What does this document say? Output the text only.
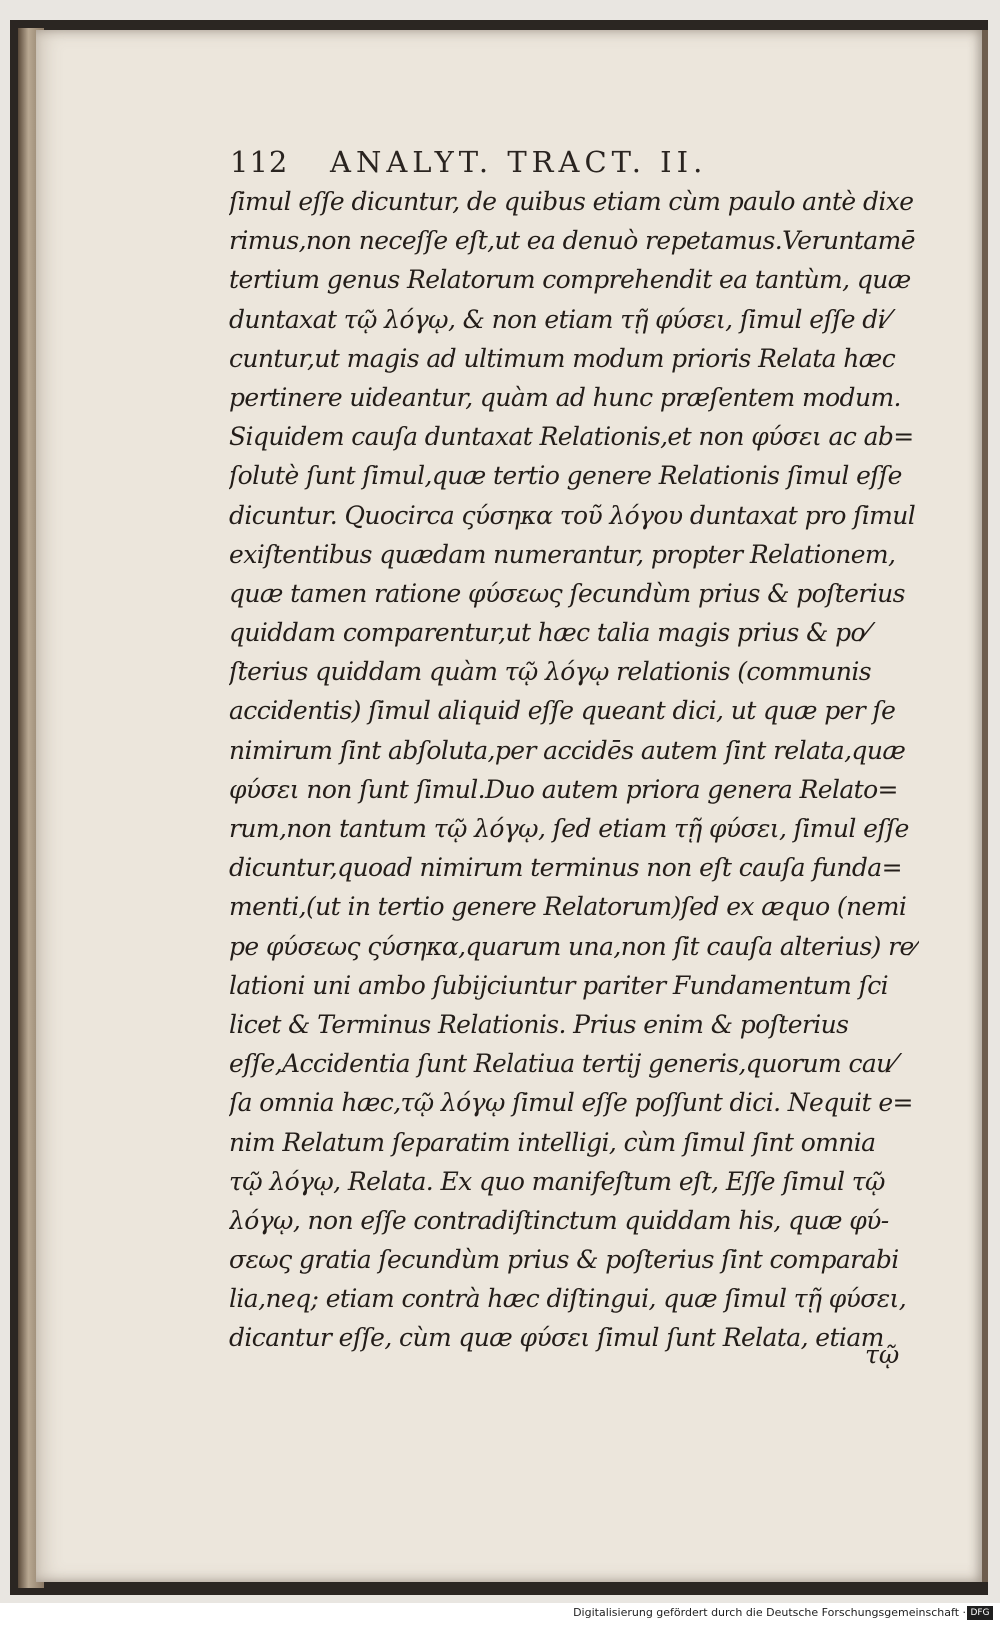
112 ANALYT. TRACT. II.
ſimul eſſe dicuntur, de quibus etiam cùm paulo antè dixe
rimus,non neceſſe eſt,ut ea denuò repetamus.Veruntamē
tertium genus Relatorum comprehendit ea tantùm, quæ
duntaxat τῷ λόγῳ, & non etiam τῇ φύσει, ſimul eſſe di⁄
cuntur,ut magis ad ultimum modum prioris Relata hæc
pertinere uideantur, quàm ad hunc præſentem modum.
Siquidem cauſa duntaxat Relationis,et non φύσει ac ab=
ſolutè ſunt ſimul,quæ tertio genere Relationis ſimul eſſe
dicuntur. Quocirca ςύσηκα τοῦ λόγου duntaxat pro ſimul
exiſtentibus quædam numerantur, propter Relationem,
quæ tamen ratione φύσεως ſecundùm prius & poſterius
quiddam comparentur,ut hæc talia magis prius & po⁄
ſterius quiddam quàm τῷ λόγῳ relationis (communis
accidentis) ſimul aliquid eſſe queant dici, ut quæ per ſe
nimirum ſint abſoluta,per accidēs autem ſint relata,quæ
φύσει non ſunt ſimul.Duo autem priora genera Relato=
rum,non tantum τῷ λόγῳ, ſed etiam τῇ φύσει, ſimul eſſe
dicuntur,quoad nimirum terminus non eſt cauſa funda=
menti,(ut in tertio genere Relatorum)ſed ex æquo (nemi
pe φύσεως ςύσηκα,quarum una,non ſit cauſa alterius) re⁄
lationi uni ambo ſubijciuntur pariter Fundamentum ſci
licet & Terminus Relationis. Prius enim & poſterius
eſſe,Accidentia ſunt Relatiua tertij generis,quorum cau⁄
ſa omnia hæc,τῷ λόγῳ ſimul eſſe poſſunt dici. Nequit e=
nim Relatum ſeparatim intelligi, cùm ſimul ſint omnia
τῷ λόγῳ, Relata. Ex quo manifeſtum eſt, Eſſe ſimul τῷ
λόγῳ, non eſſe contradiſtinctum quiddam his, quæ φύ-
σεως gratia ſecundùm prius & poſterius ſint comparabi
lia,neq; etiam contrà hæc diſtingui, quæ ſimul τῇ φύσει,
dicantur eſſe, cùm quæ φύσει ſimul ſunt Relata, etiam
τῷ
Digitalisierung gefördert durch die Deutsche Forschungsgemeinschaft · DFG
